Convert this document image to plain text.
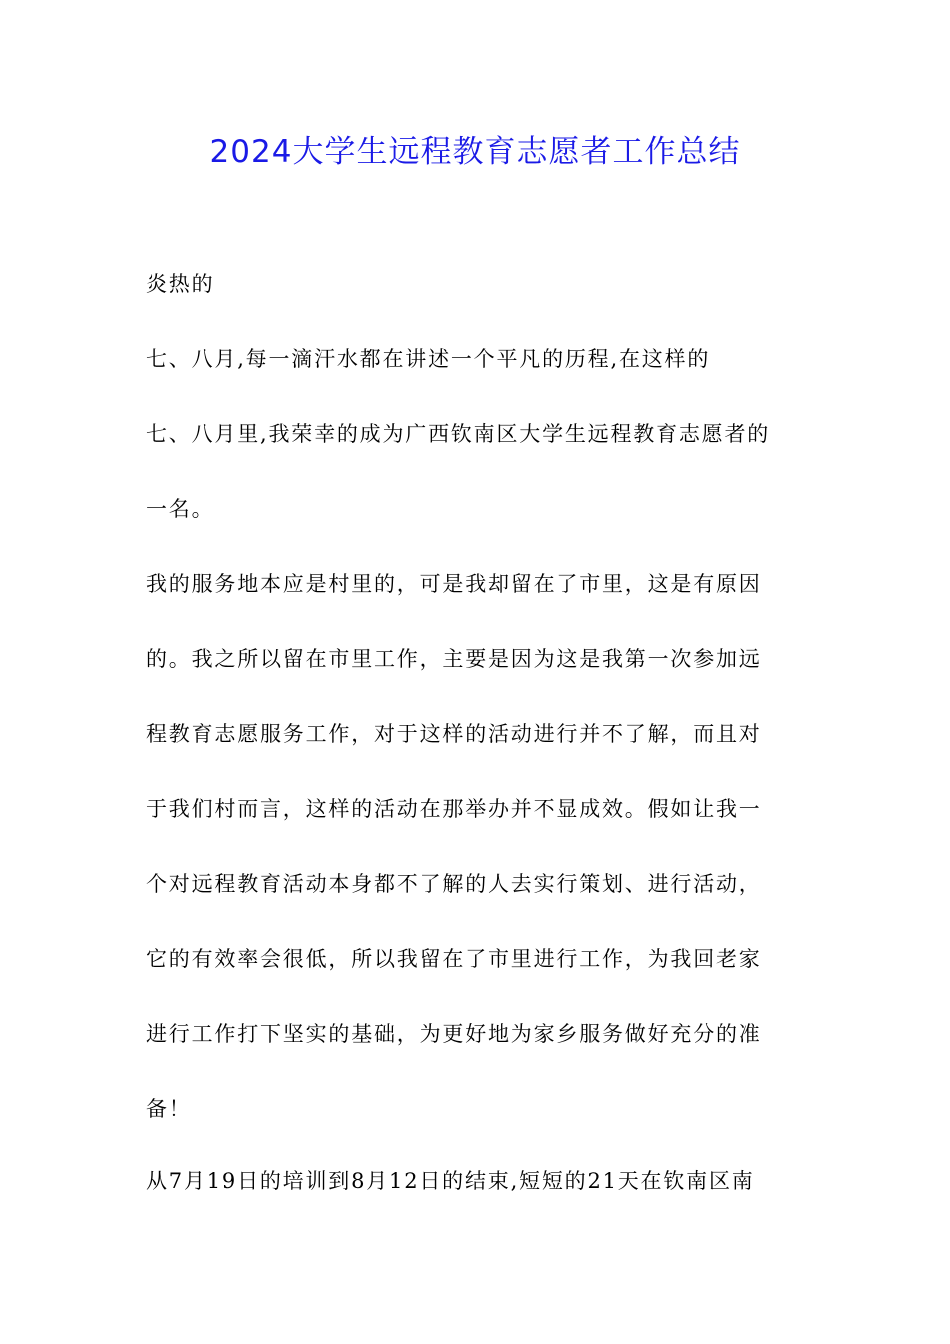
2024大学生远程教育志愿者工作总结
炎热的
七、八月,每一滴汗水都在讲述一个平凡的历程,在这样的
七、八月里,我荣幸的成为广西钦南区大学生远程教育志愿者的
一名。
我的服务地本应是村里的，可是我却留在了市里，这是有原因
的。我之所以留在市里工作，主要是因为这是我第一次参加远
程教育志愿服务工作，对于这样的活动进行并不了解，而且对
于我们村而言，这样的活动在那举办并不显成效。假如让我一
个对远程教育活动本身都不了解的人去实行策划、进行活动，
它的有效率会很低，所以我留在了市里进行工作，为我回老家
进行工作打下坚实的基础，为更好地为家乡服务做好充分的准
备！
从7月19日的培训到8月12日的结束,短短的21天在钦南区南
